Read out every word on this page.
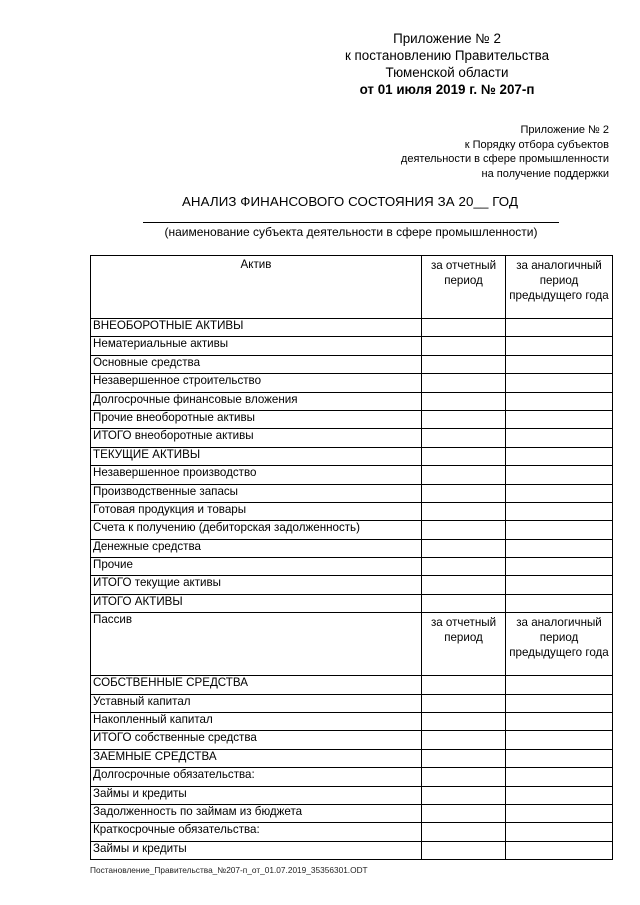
Приложение № 2
к постановлению Правительства
Тюменской области
от 01 июля 2019 г. № 207-п
Приложение № 2
к Порядку отбора субъектов
деятельности в сфере промышленности
на получение поддержки
АНАЛИЗ ФИНАНСОВОГО СОСТОЯНИЯ ЗА 20__ ГОД
(наименование субъекта деятельности в сфере промышленности)
Актив	за отчетный период	за аналогичный период предыдущего года
ВНЕОБОРОТНЫЕ АКТИВЫ		
Нематериальные активы		
Основные средства		
Незавершенное строительство		
Долгосрочные финансовые вложения		
Прочие внеоборотные активы		
ИТОГО внеоборотные активы		
ТЕКУЩИЕ АКТИВЫ		
Незавершенное производство		
Производственные запасы		
Готовая продукция и товары		
Счета к получению (дебиторская задолженность)		
Денежные средства		
Прочие		
ИТОГО текущие активы		
ИТОГО АКТИВЫ		
Пассив	за отчетный период	за аналогичный период предыдущего года
СОБСТВЕННЫЕ СРЕДСТВА		
Уставный капитал		
Накопленный капитал		
ИТОГО собственные средства		
ЗАЕМНЫЕ СРЕДСТВА		
Долгосрочные обязательства:		
Займы и кредиты		
Задолженность по займам из бюджета		
Краткосрочные обязательства:		
Займы и кредиты		
Постановление_Правительства_№207-п_от_01.07.2019_35356301.ODT
